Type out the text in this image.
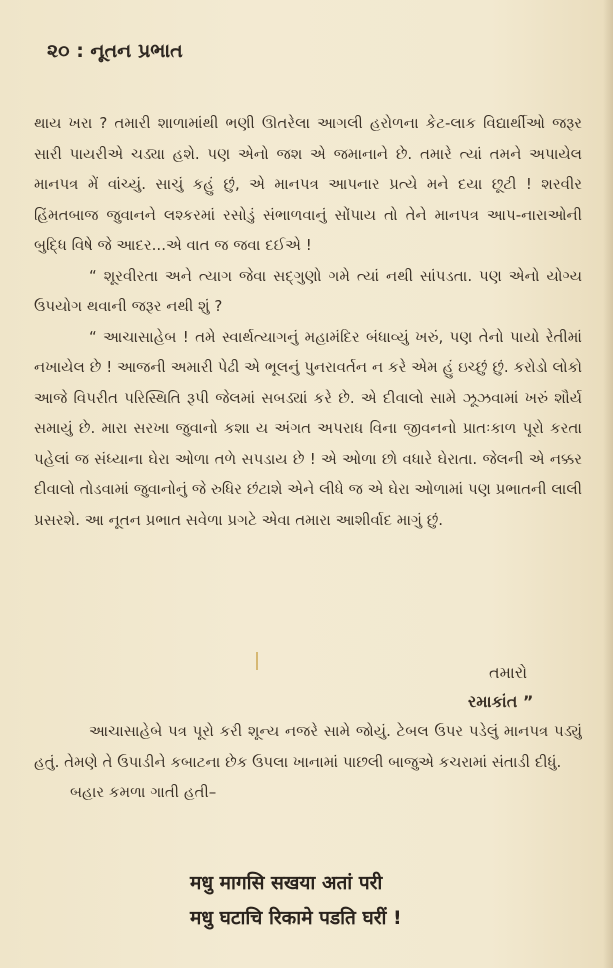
૨૦ : નૂતન પ્રભાત

થાય ખરા ? તમારી શાળામાંથી ભણી ઊતરેલા આગલી હરોળના કેટ-લાક વિદ્યાર્થીઓ જરૂર સારી પાયરીએ ચડ્યા હશે. પણ એનો જશ એ જમાનાને છે. તમારે ત્યાં તમને અપાયેલ માનપત્ર મેં વાંચ્યું. સાચું કહું છું, એ માનપત્ર આપનાર પ્રત્યે મને દયા છૂટી ! શરવીર હિંમતબાજ જુવાનને લશ્કરમાં રસોડું સંભાળવાનું સોંપાય તો તેને માનપત્ર આપ-નારાઓની બુદ્ધિ વિષે જે આદર...એ વાત જ જવા દઈએ !

“ શૂરવીરતા અને ત્યાગ જેવા સદ્ગુણો ગમે ત્યાં નથી સાંપડતા. પણ એનો યોગ્ય ઉપયોગ થવાની જરૂર નથી શું ?

“ આચાસાહેબ ! તમે સ્વાર્થત્યાગનું મહામંદિર બંધાવ્યું ખરું, પણ તેનો પાયો રેતીમાં નખાયેલ છે ! આજની અમારી પેઢી એ ભૂલનું પુનરાવર્તન ન કરે એમ હું ઇચ્છું છું. કરોડો લોકો આજે વિપરીત પરિસ્થિતિ રૂપી જેલમાં સબડ્યાં કરે છે. એ દીવાલો સામે ઝૂઝવામાં ખરું શૌર્ય સમાયું છે. મારા સરખા જુવાનો કશા ય અંગત અપરાધ વિના જીવનનો પ્રાતઃકાળ પૂરો કરતા પહેલાં જ સંધ્યાના ઘેરા ઓળા તળે સપડાય છે ! એ ઓળા છો વધારે ઘેરાતા. જેલની એ નક્કર દીવાલો તોડવામાં જુવાનોનું જે રુધિર છંટાશે એને લીધે જ એ ઘેરા ઓળામાં પણ પ્રભાતની લાલી પ્રસરશે. આ નૂતન પ્રભાત સવેળા પ્રગટે એવા તમારા આશીર્વાદ માગું છું.

તમારો
રમાકાંત ”

આચાસાહેબે પત્ર પૂરો કરી શૂન્ય નજરે સામે જોયું. ટેબલ ઉપર પડેલું માનપત્ર પડ્યું હતું. તેમણે તે ઉપાડીને કબાટના છેક ઉપલા ખાનામાં પાછલી બાજુએ કચરામાં સંતાડી દીધું.

બહાર કમળા ગાતી હતી–

मधु मागसि सखया अतां परी
मधु घटाचि रिकामे पडति घरीं !
